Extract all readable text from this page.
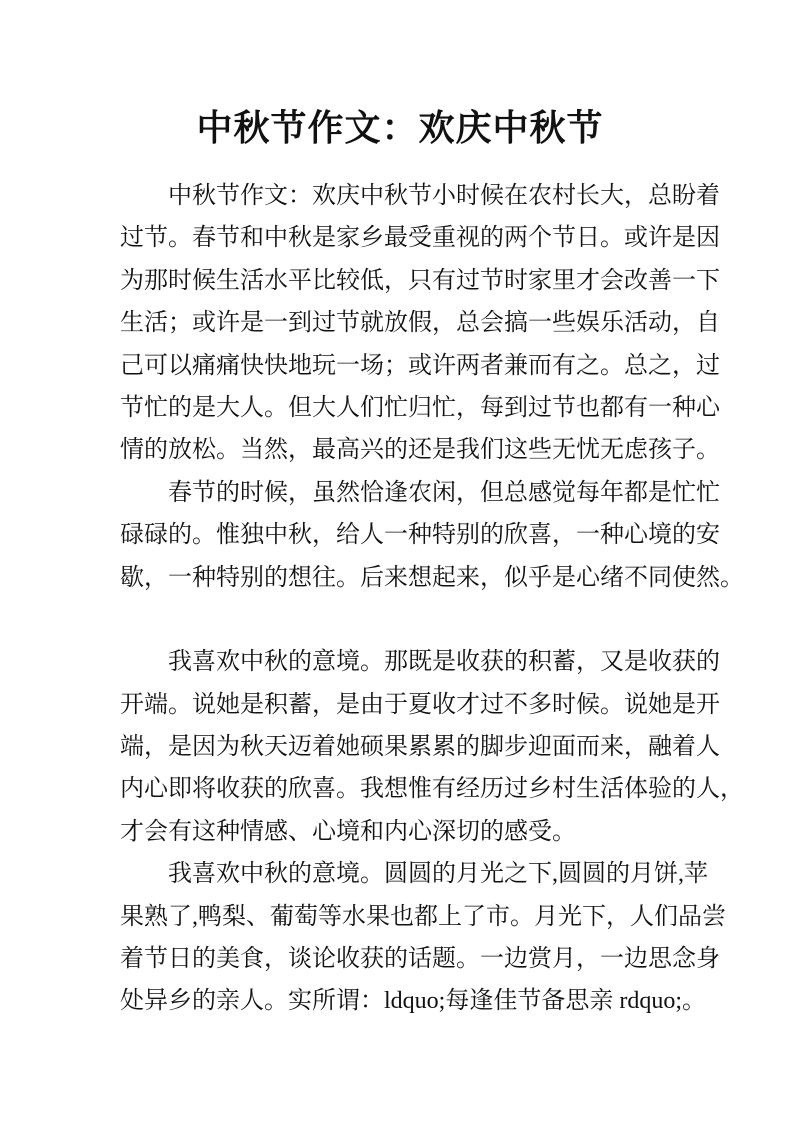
中秋节作文：欢庆中秋节
中秋节作文：欢庆中秋节小时候在农村长大，总盼着
过节。春节和中秋是家乡最受重视的两个节日。或许是因
为那时候生活水平比较低，只有过节时家里才会改善一下
生活；或许是一到过节就放假，总会搞一些娱乐活动，自
己可以痛痛快快地玩一场；或许两者兼而有之。总之，过
节忙的是大人。但大人们忙归忙，每到过节也都有一种心
情的放松。当然，最高兴的还是我们这些无忧无虑孩子。
春节的时候，虽然恰逢农闲，但总感觉每年都是忙忙
碌碌的。惟独中秋，给人一种特别的欣喜，一种心境的安
歇，一种特别的想往。后来想起来，似乎是心绪不同使然。
我喜欢中秋的意境。那既是收获的积蓄，又是收获的
开端。说她是积蓄，是由于夏收才过不多时候。说她是开
端，是因为秋天迈着她硕果累累的脚步迎面而来，融着人
内心即将收获的欣喜。我想惟有经历过乡村生活体验的人，
才会有这种情感、心境和内心深切的感受。
我喜欢中秋的意境。圆圆的月光之下,圆圆的月饼,苹
果熟了,鸭梨、葡萄等水果也都上了市。月光下，人们品尝
着节日的美食，谈论收获的话题。一边赏月，一边思念身
处异乡的亲人。实所谓：ldquo;每逢佳节备思亲 rdquo;。
